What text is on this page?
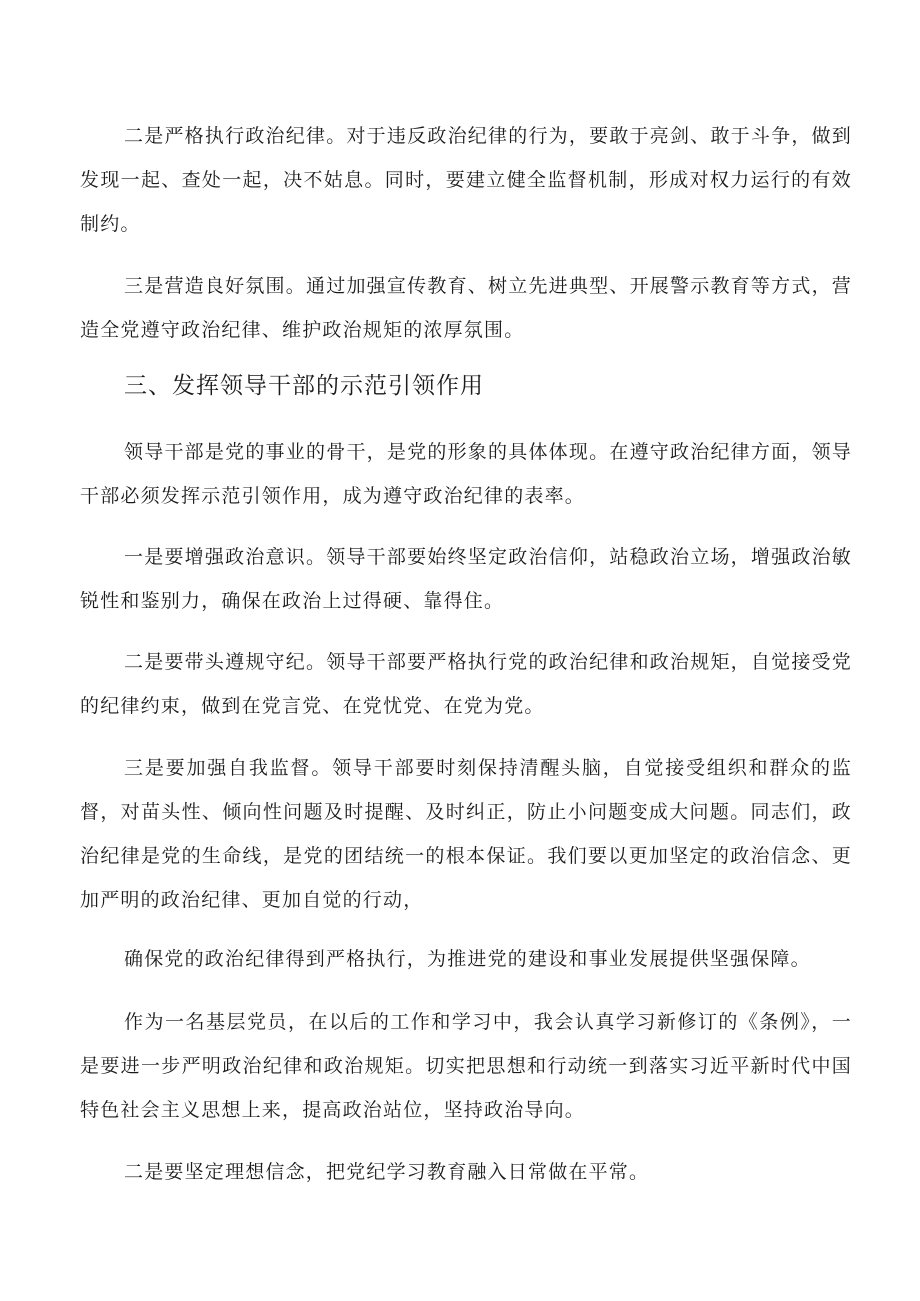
二是严格执行政治纪律。对于违反政治纪律的行为，要敢于亮剑、敢于斗争，做到发现一起、查处一起，决不姑息。同时，要建立健全监督机制，形成对权力运行的有效制约。

三是营造良好氛围。通过加强宣传教育、树立先进典型、开展警示教育等方式，营造全党遵守政治纪律、维护政治规矩的浓厚氛围。

三、发挥领导干部的示范引领作用

领导干部是党的事业的骨干，是党的形象的具体体现。在遵守政治纪律方面，领导干部必须发挥示范引领作用，成为遵守政治纪律的表率。

一是要增强政治意识。领导干部要始终坚定政治信仰，站稳政治立场，增强政治敏锐性和鉴别力，确保在政治上过得硬、靠得住。

二是要带头遵规守纪。领导干部要严格执行党的政治纪律和政治规矩，自觉接受党的纪律约束，做到在党言党、在党忧党、在党为党。

三是要加强自我监督。领导干部要时刻保持清醒头脑，自觉接受组织和群众的监督，对苗头性、倾向性问题及时提醒、及时纠正，防止小问题变成大问题。同志们，政治纪律是党的生命线，是党的团结统一的根本保证。我们要以更加坚定的政治信念、更加严明的政治纪律、更加自觉的行动，

确保党的政治纪律得到严格执行，为推进党的建设和事业发展提供坚强保障。

作为一名基层党员，在以后的工作和学习中，我会认真学习新修订的《条例》，一是要进一步严明政治纪律和政治规矩。切实把思想和行动统一到落实习近平新时代中国特色社会主义思想上来，提高政治站位，坚持政治导向。

二是要坚定理想信念，把党纪学习教育融入日常做在平常。
